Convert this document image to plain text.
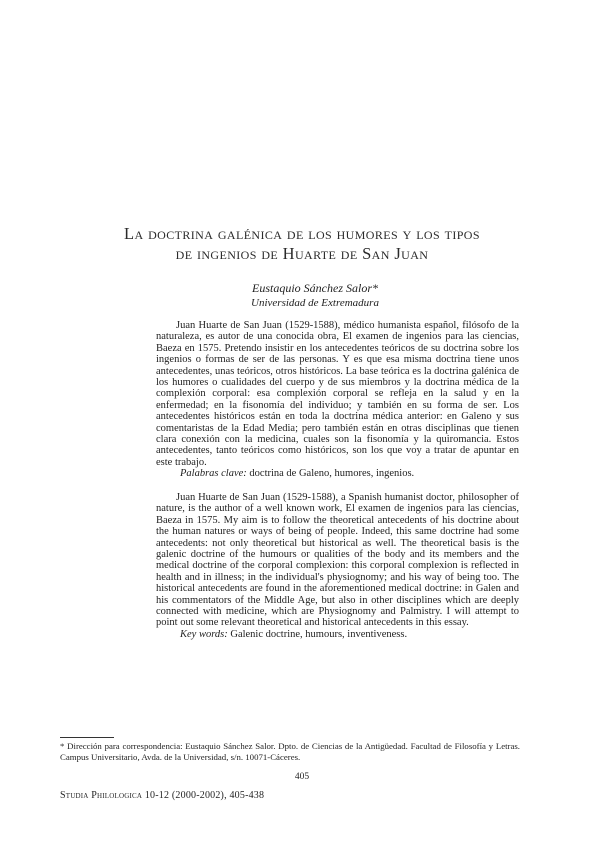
La doctrina galénica de los humores y los tipos
de ingenios de Huarte de San Juan
Eustaquio Sánchez Salor*
Universidad de Extremadura

Juan Huarte de San Juan (1529-1588), médico humanista español, filósofo de la naturaleza, es autor de una conocida obra, El examen de ingenios para las ciencias, Baeza en 1575. Pretendo insistir en los antecedentes teóricos de su doctrina sobre los ingenios o formas de ser de las personas. Y es que esa misma doctrina tiene unos antecedentes, unas teóricos, otros históricos. La base teórica es la doctrina galénica de los humores o cualidades del cuerpo y de sus miembros y la doctrina médica de la complexión corporal: esa complexión corporal se refleja en la salud y en la enfermedad; en la fisonomía del individuo; y también en su forma de ser. Los antecedentes históricos están en toda la doctrina médica anterior: en Galeno y sus comentaristas de la Edad Media; pero también están en otras disciplinas que tienen clara conexión con la medicina, cuales son la fisonomía y la quiromancia. Estos antecedentes, tanto teóricos como históricos, son los que voy a tratar de apuntar en este trabajo.

Palabras clave: doctrina de Galeno, humores, ingenios.

Juan Huarte de San Juan (1529-1588), a Spanish humanist doctor, philosopher of nature, is the author of a well known work, El examen de ingenios para las ciencias, Baeza in 1575. My aim is to follow the theoretical antecedents of his doctrine about the human natures or ways of being of people. Indeed, this same doctrine had some antecedents: not only theoretical but historical as well. The theoretical basis is the galenic doctrine of the humours or qualities of the body and its members and the medical doctrine of the corporal complexion: this corporal complexion is reflected in health and in illness; in the individual's physiognomy; and his way of being too. The historical antecedents are found in the aforementioned medical doctrine: in Galen and his commentators of the Middle Age, but also in other disciplines which are deeply connected with medicine, which are Physiognomy and Palmistry. I will attempt to point out some relevant theoretical and historical antecedents in this essay.

Key words: Galenic doctrine, humours, inventiveness.

* Dirección para correspondencia: Eustaquio Sánchez Salor. Dpto. de Ciencias de la Antigüedad. Facultad de Filosofía y Letras. Campus Universitario, Avda. de la Universidad, s/n. 10071-Cáceres.
405
Studia Philologica 10-12 (2000-2002), 405-438
